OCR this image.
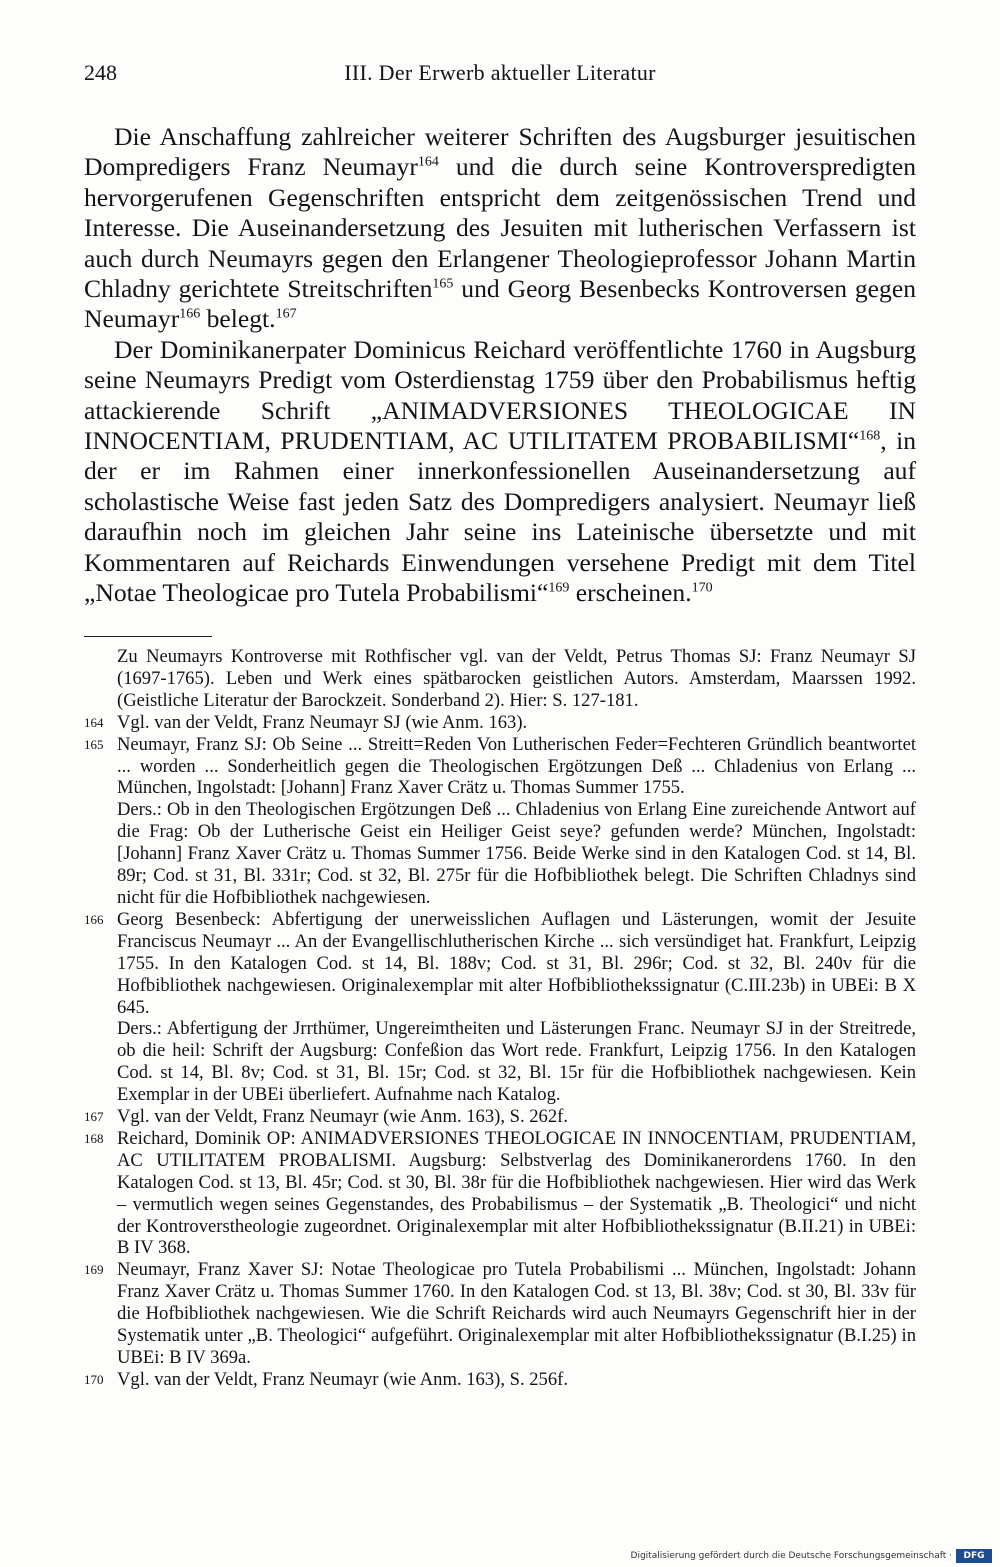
248	III. Der Erwerb aktueller Literatur

Die Anschaffung zahlreicher weiterer Schriften des Augsburger jesuitischen Dompredigers Franz Neumayr$^{164}$ und die durch seine Kontroverspredigten hervorgerufenen Gegenschriften entspricht dem zeitgenössischen Trend und Interesse. Die Auseinandersetzung des Jesuiten mit lutherischen Verfassern ist auch durch Neumayrs gegen den Erlangener Theologieprofessor Johann Martin Chladny gerichtete Streitschriften$^{165}$ und Georg Besenbecks Kontroversen gegen Neumayr$^{166}$ belegt.$^{167}$

Der Dominikanerpater Dominicus Reichard veröffentlichte 1760 in Augsburg seine Neumayrs Predigt vom Osterdienstag 1759 über den Probabilismus heftig attackierende Schrift „ANIMADVERSIONES THEOLOGICAE IN INNOCENTIAM, PRUDENTIAM, AC UTILITATEM PROBABILISMI“$^{168}$, in der er im Rahmen einer innerkonfessionellen Auseinandersetzung auf scholastische Weise fast jeden Satz des Dompredigers analysiert. Neumayr ließ daraufhin noch im gleichen Jahr seine ins Lateinische übersetzte und mit Kommentaren auf Reichards Einwendungen versehene Predigt mit dem Titel „Notae Theologicae pro Tutela Probabilismi“$^{169}$ erscheinen.$^{170}$

Zu Neumayrs Kontroverse mit Rothfischer vgl. van der Veldt, Petrus Thomas SJ: Franz Neumayr SJ (1697-1765). Leben und Werk eines spätbarocken geistlichen Autors. Amsterdam, Maarssen 1992. (Geistliche Literatur der Barockzeit. Sonderband 2). Hier: S. 127-181.
164 Vgl. van der Veldt, Franz Neumayr SJ (wie Anm. 163).
165 Neumayr, Franz SJ: Ob Seine ... Streitt=Reden Von Lutherischen Feder=Fechteren Gründlich beantwortet ... worden ... Sonderheitlich gegen die Theologischen Ergötzungen Deß ... Chladenius von Erlang ... München, Ingolstadt: [Johann] Franz Xaver Crätz u. Thomas Summer 1755.
Ders.: Ob in den Theologischen Ergötzungen Deß ... Chladenius von Erlang Eine zureichende Antwort auf die Frag: Ob der Lutherische Geist ein Heiliger Geist seye? gefunden werde? München, Ingolstadt: [Johann] Franz Xaver Crätz u. Thomas Summer 1756. Beide Werke sind in den Katalogen Cod. st 14, Bl. 89r; Cod. st 31, Bl. 331r; Cod. st 32, Bl. 275r für die Hofbibliothek belegt. Die Schriften Chladnys sind nicht für die Hofbibliothek nachgewiesen.
166 Georg Besenbeck: Abfertigung der unerweisslichen Auflagen und Lästerungen, womit der Jesuite Franciscus Neumayr ... An der Evangellischlutherischen Kirche ... sich versündiget hat. Frankfurt, Leipzig 1755. In den Katalogen Cod. st 14, Bl. 188v; Cod. st 31, Bl. 296r; Cod. st 32, Bl. 240v für die Hofbibliothek nachgewiesen. Originalexemplar mit alter Hofbibliothekssignatur (C.III.23b) in UBEi: B X 645.
Ders.: Abfertigung der Jrrthümer, Ungereimtheiten und Lästerungen Franc. Neumayr SJ in der Streitrede, ob die heil: Schrift der Augsburg: Confeßion das Wort rede. Frankfurt, Leipzig 1756. In den Katalogen Cod. st 14, Bl. 8v; Cod. st 31, Bl. 15r; Cod. st 32, Bl. 15r für die Hofbibliothek nachgewiesen. Kein Exemplar in der UBEi überliefert. Aufnahme nach Katalog.
167 Vgl. van der Veldt, Franz Neumayr (wie Anm. 163), S. 262f.
168 Reichard, Dominik OP: ANIMADVERSIONES THEOLOGICAE IN INNOCENTIAM, PRUDENTIAM, AC UTILITATEM PROBALISMI. Augsburg: Selbstverlag des Dominikanerordens 1760. In den Katalogen Cod. st 13, Bl. 45r; Cod. st 30, Bl. 38r für die Hofbibliothek nachgewiesen. Hier wird das Werk – vermutlich wegen seines Gegenstandes, des Probabilismus – der Systematik „B. Theologici“ und nicht der Kontroverstheologie zugeordnet. Originalexemplar mit alter Hofbibliothekssignatur (B.II.21) in UBEi: B IV 368.
169 Neumayr, Franz Xaver SJ: Notae Theologicae pro Tutela Probabilismi ... München, Ingolstadt: Johann Franz Xaver Crätz u. Thomas Summer 1760. In den Katalogen Cod. st 13, Bl. 38v; Cod. st 30, Bl. 33v für die Hofbibliothek nachgewiesen. Wie die Schrift Reichards wird auch Neumayrs Gegenschrift hier in der Systematik unter „B. Theologici“ aufgeführt. Originalexemplar mit alter Hofbibliothekssignatur (B.I.25) in UBEi: B IV 369a.
170 Vgl. van der Veldt, Franz Neumayr (wie Anm. 163), S. 256f.
Digitalisierung gefördert durch die Deutsche Forschungsgemeinschaft ·	DFG
